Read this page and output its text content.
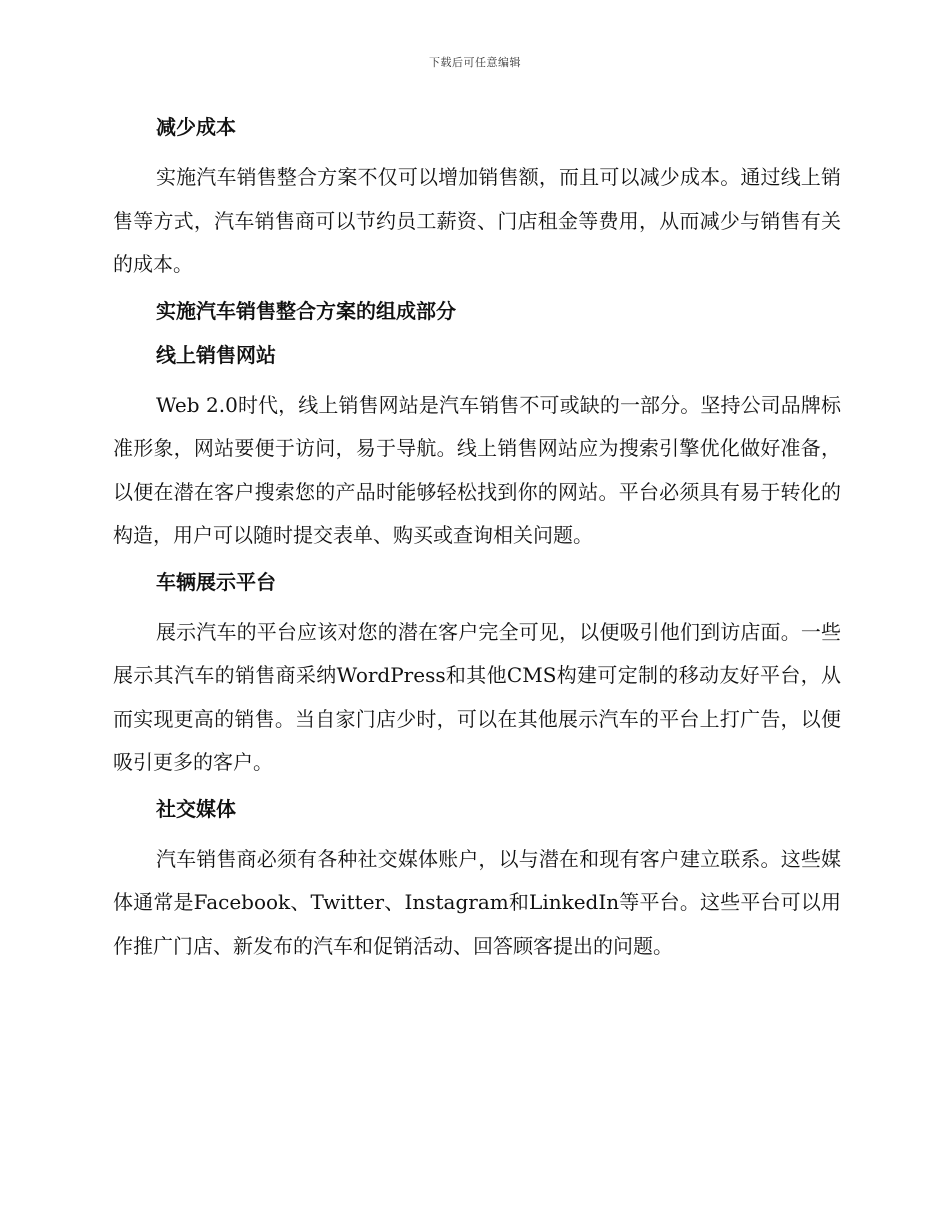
下载后可任意编辑
减少成本

实施汽车销售整合方案不仅可以增加销售额，而且可以减少成本。通过线上销售等方式，汽车销售商可以节约员工薪资、门店租金等费用，从而减少与销售有关的成本。

实施汽车销售整合方案的组成部分
线上销售网站

Web 2.0时代，线上销售网站是汽车销售不可或缺的一部分。坚持公司品牌标准形象，网站要便于访问，易于导航。线上销售网站应为搜索引擎优化做好准备，以便在潜在客户搜索您的产品时能够轻松找到你的网站。平台必须具有易于转化的构造，用户可以随时提交表单、购买或查询相关问题。

车辆展示平台

展示汽车的平台应该对您的潜在客户完全可见，以便吸引他们到访店面。一些展示其汽车的销售商采纳WordPress和其他CMS构建可定制的移动友好平台，从而实现更高的销售。当自家门店少时，可以在其他展示汽车的平台上打广告，以便吸引更多的客户。

社交媒体

汽车销售商必须有各种社交媒体账户，以与潜在和现有客户建立联系。这些媒体通常是Facebook、Twitter、Instagram和LinkedIn等平台。这些平台可以用作推广门店、新发布的汽车和促销活动、回答顾客提出的问题。
